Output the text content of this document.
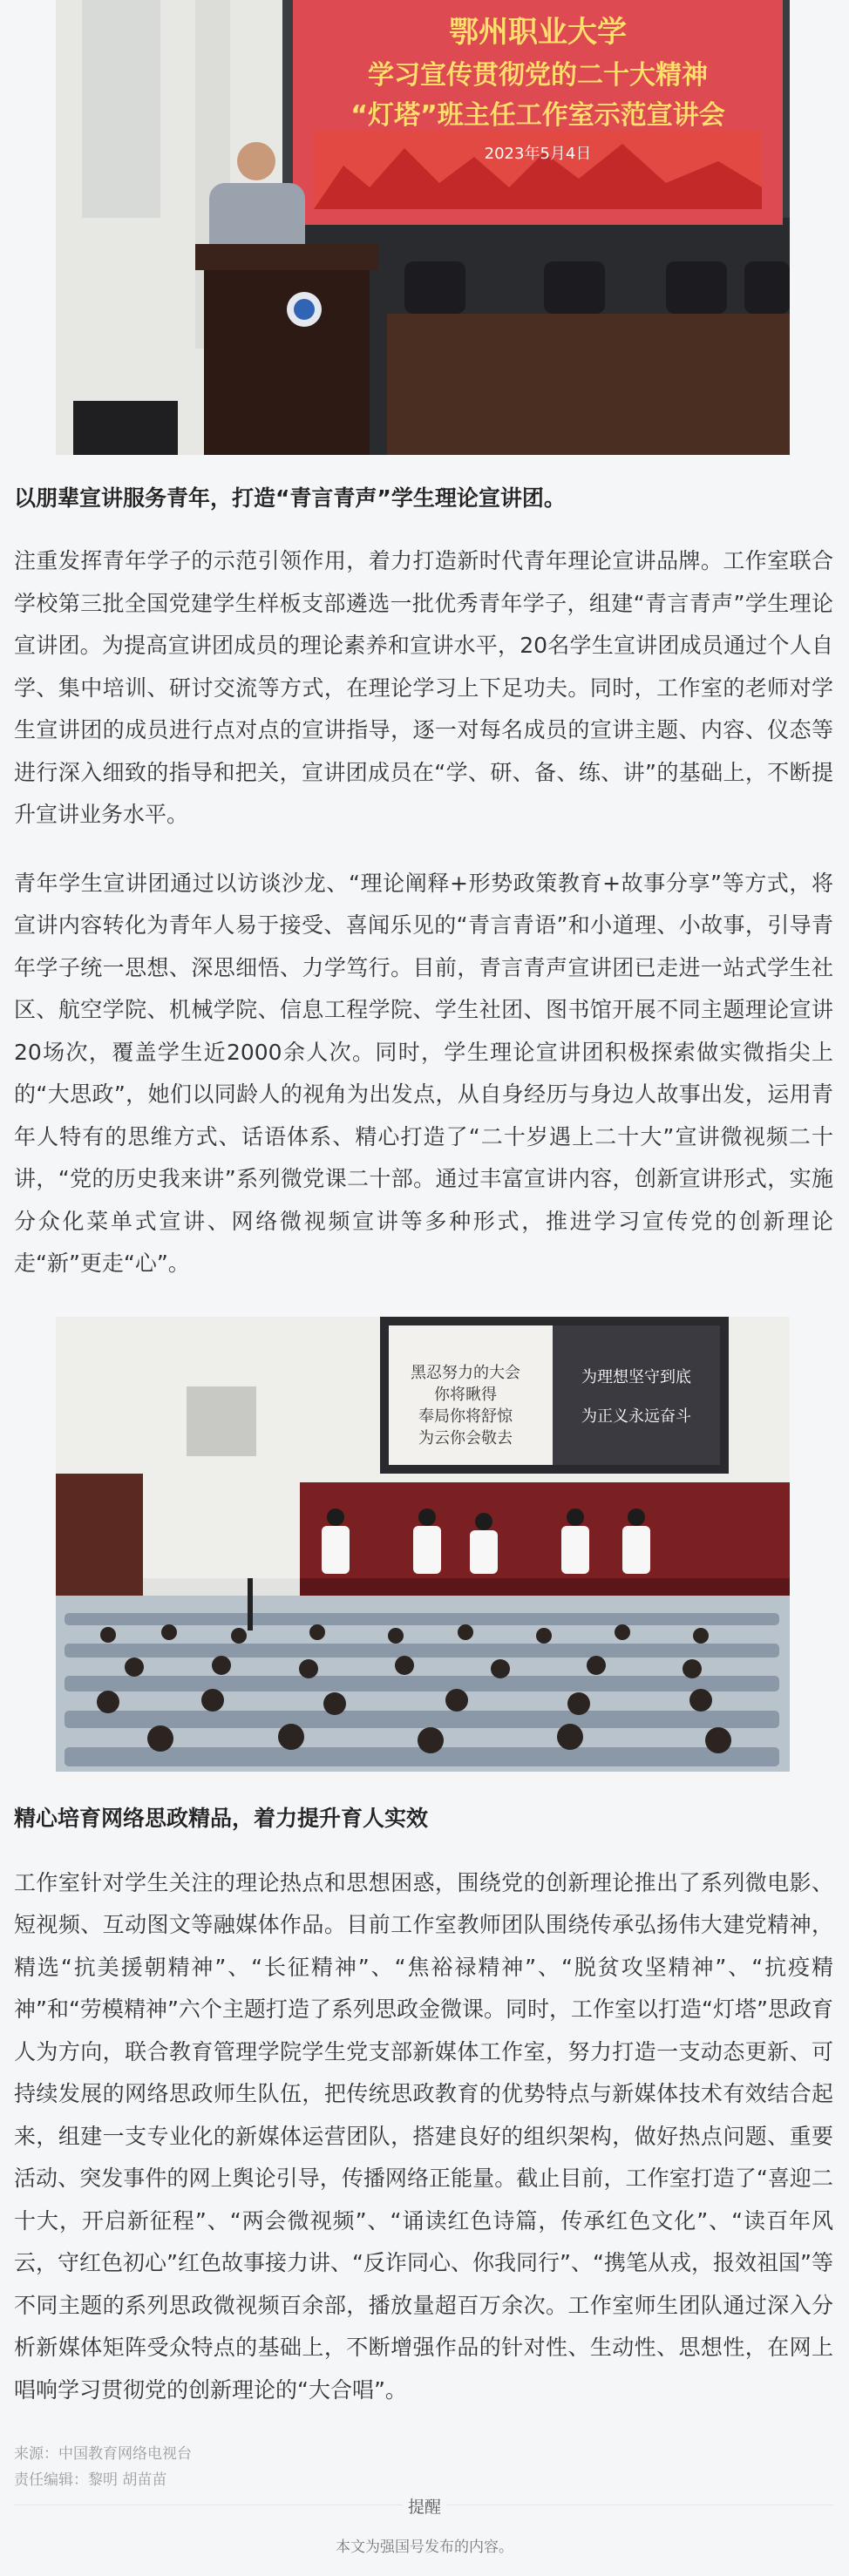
鄂州职业大学
学习宣传贯彻党的二十大精神
“灯塔”班主任工作室示范宣讲会
2023年5月4日

以朋辈宣讲服务青年，打造“青言青声”学生理论宣讲团。

注重发挥青年学子的示范引领作用，着力打造新时代青年理论宣讲品牌。工作室联合学校第三批全国党建学生样板支部遴选一批优秀青年学子，组建“青言青声”学生理论宣讲团。为提高宣讲团成员的理论素养和宣讲水平，20名学生宣讲团成员通过个人自学、集中培训、研讨交流等方式，在理论学习上下足功夫。同时，工作室的老师对学生宣讲团的成员进行点对点的宣讲指导，逐一对每名成员的宣讲主题、内容、仪态等进行深入细致的指导和把关，宣讲团成员在“学、研、备、练、讲”的基础上，不断提升宣讲业务水平。

青年学生宣讲团通过以访谈沙龙、“理论阐释+形势政策教育+故事分享”等方式，将宣讲内容转化为青年人易于接受、喜闻乐见的“青言青语”和小道理、小故事，引导青年学子统一思想、深思细悟、力学笃行。目前，青言青声宣讲团已走进一站式学生社区、航空学院、机械学院、信息工程学院、学生社团、图书馆开展不同主题理论宣讲20场次，覆盖学生近2000余人次。同时，学生理论宣讲团积极探索做实微指尖上的“大思政”，她们以同龄人的视角为出发点，从自身经历与身边人故事出发，运用青年人特有的思维方式、话语体系、精心打造了“二十岁遇上二十大”宣讲微视频二十讲，“党的历史我来讲”系列微党课二十部。通过丰富宣讲内容，创新宣讲形式，实施分众化菜单式宣讲、网络微视频宣讲等多种形式，推进学习宣传党的创新理论走“新”更走“心”。

黑忍努力的大会
你将瞅得
奉局你将舒惊
为云你会敬去
为理想坚守到底
为正义永远奋斗

精心培育网络思政精品，着力提升育人实效

工作室针对学生关注的理论热点和思想困惑，围绕党的创新理论推出了系列微电影、短视频、互动图文等融媒体作品。目前工作室教师团队围绕传承弘扬伟大建党精神，精选“抗美援朝精神”、“长征精神”、“焦裕禄精神”、“脱贫攻坚精神”、“抗疫精神”和“劳模精神”六个主题打造了系列思政金微课。同时，工作室以打造“灯塔”思政育人为方向，联合教育管理学院学生党支部新媒体工作室，努力打造一支动态更新、可持续发展的网络思政师生队伍，把传统思政教育的优势特点与新媒体技术有效结合起来，组建一支专业化的新媒体运营团队，搭建良好的组织架构，做好热点问题、重要活动、突发事件的网上舆论引导，传播网络正能量。截止目前，工作室打造了“喜迎二十大，开启新征程”、“两会微视频”、“诵读红色诗篇，传承红色文化”、“读百年风云，守红色初心”红色故事接力讲、“反诈同心、你我同行”、“携笔从戎，报效祖国”等不同主题的系列思政微视频百余部，播放量超百万余次。工作室师生团队通过深入分析新媒体矩阵受众特点的基础上，不断增强作品的针对性、生动性、思想性，在网上唱响学习贯彻党的创新理论的“大合唱”。

来源：中国教育网络电视台
责任编辑：黎明 胡苗苗
提醒
本文为强国号发布的内容。
